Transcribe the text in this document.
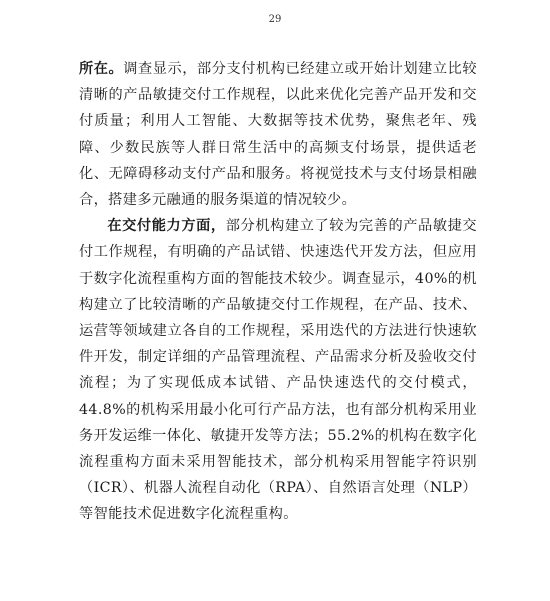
29

所在。调查显示，部分支付机构已经建立或开始计划建立比较清晰的产品敏捷交付工作规程，以此来优化完善产品开发和交付质量；利用人工智能、大数据等技术优势，聚焦老年、残障、少数民族等人群日常生活中的高频支付场景，提供适老化、无障碍移动支付产品和服务。将视觉技术与支付场景相融合，搭建多元融通的服务渠道的情况较少。

在交付能力方面，部分机构建立了较为完善的产品敏捷交付工作规程，有明确的产品试错、快速迭代开发方法，但应用于数字化流程重构方面的智能技术较少。调查显示，40%的机构建立了比较清晰的产品敏捷交付工作规程，在产品、技术、运营等领域建立各自的工作规程，采用迭代的方法进行快速软件开发，制定详细的产品管理流程、产品需求分析及验收交付流程；为了实现低成本试错、产品快速迭代的交付模式，44.8%的机构采用最小化可行产品方法，也有部分机构采用业务开发运维一体化、敏捷开发等方法；55.2%的机构在数字化流程重构方面未采用智能技术，部分机构采用智能字符识别（ICR）、机器人流程自动化（RPA）、自然语言处理（NLP）等智能技术促进数字化流程重构。
